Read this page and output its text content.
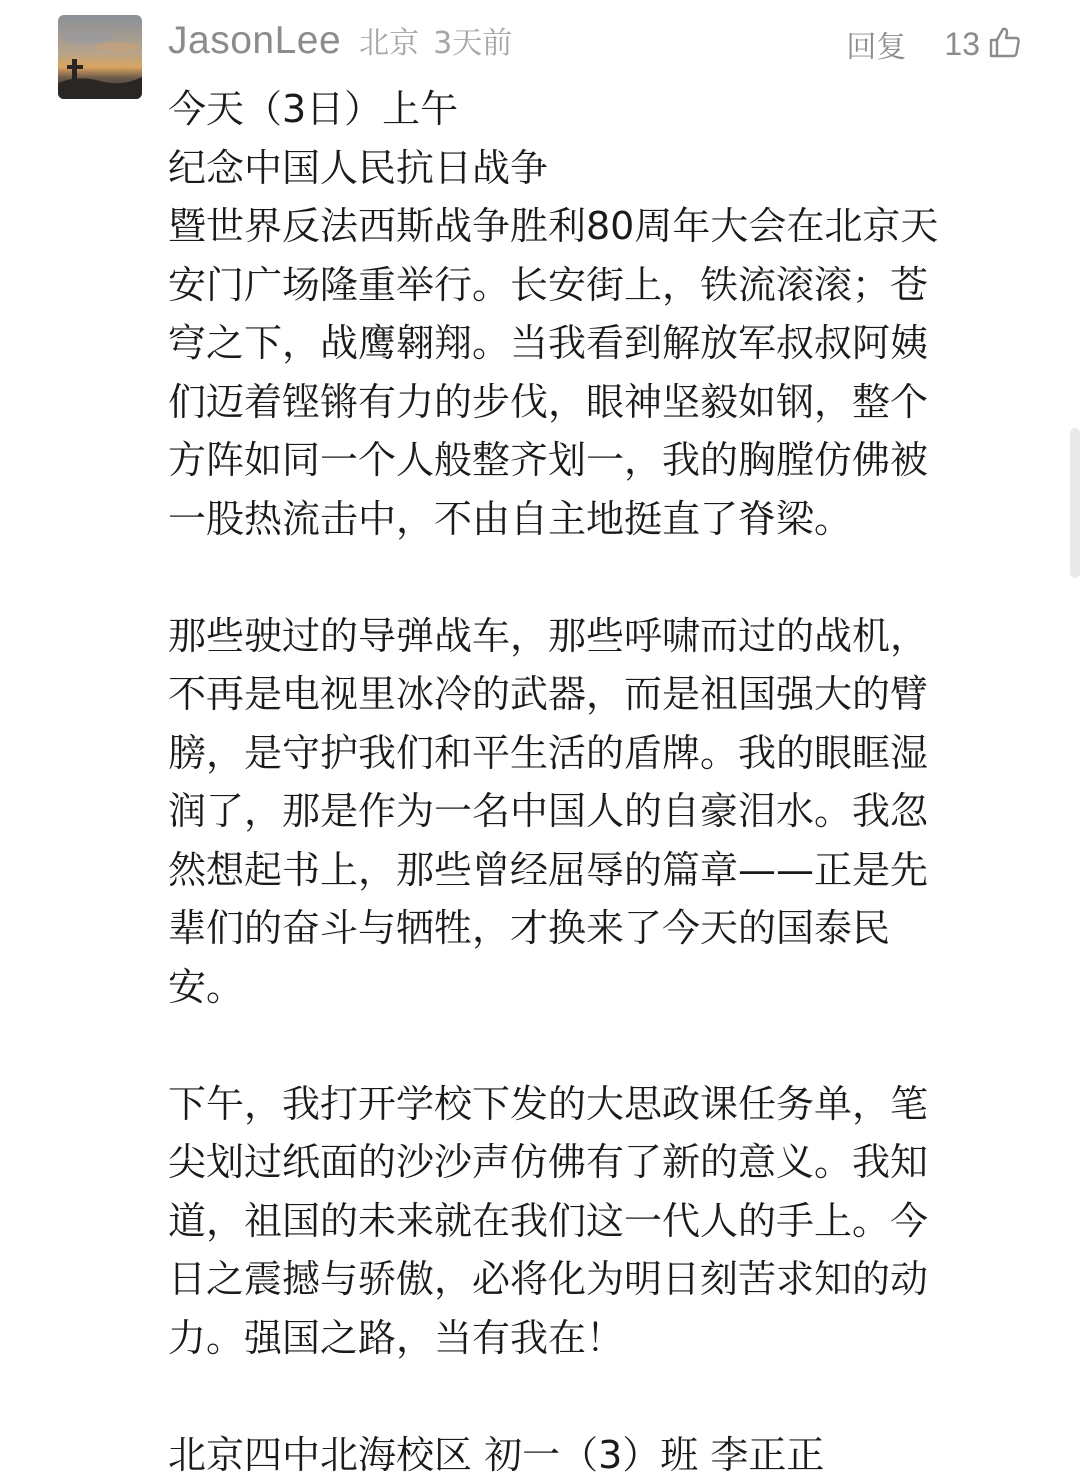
JasonLee 北京 3天前	回复 13

今天（3日）上午
纪念中国人民抗日战争
暨世界反法西斯战争胜利80周年大会在北京天
安门广场隆重举行。长安街上，铁流滚滚；苍
穹之下，战鹰翱翔。当我看到解放军叔叔阿姨
们迈着铿锵有力的步伐，眼神坚毅如钢，整个
方阵如同一个人般整齐划一，我的胸膛仿佛被
一股热流击中，不由自主地挺直了脊梁。

那些驶过的导弹战车，那些呼啸而过的战机，
不再是电视里冰冷的武器，而是祖国强大的臂
膀，是守护我们和平生活的盾牌。我的眼眶湿
润了，那是作为一名中国人的自豪泪水。我忽
然想起书上，那些曾经屈辱的篇章——正是先
辈们的奋斗与牺牲，才换来了今天的国泰民
安。

下午，我打开学校下发的大思政课任务单，笔
尖划过纸面的沙沙声仿佛有了新的意义。我知
道，祖国的未来就在我们这一代人的手上。今
日之震撼与骄傲，必将化为明日刻苦求知的动
力。强国之路，当有我在！

北京四中北海校区 初一（3）班 李正正
